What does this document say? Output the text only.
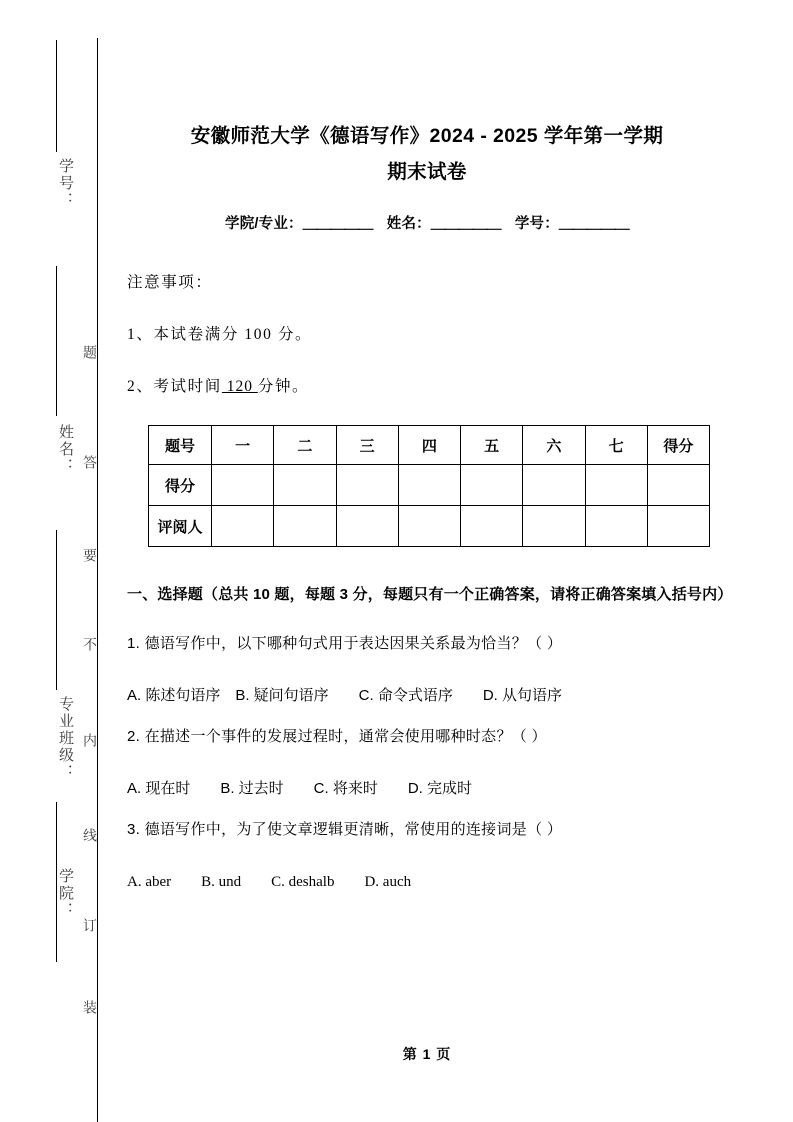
学号：
姓名：
专业班级：
学院：
题
答
要
不
内
线
订
装
安徽师范大学《德语写作》2024 - 2025 学年第一学期
期末试卷
学院/专业：＿＿＿＿＿ 姓名：＿＿＿＿＿ 学号：＿＿＿＿＿

注意事项：

1、本试卷满分 100 分。

2、考试时间 120 分钟。

题号	一	二	三	四	五	六	七	得分
得分								
评阅人								

一、选择题（总共 10 题，每题 3 分，每题只有一个正确答案，请将正确答案填入括号内）

1. 德语写作中，以下哪种句式用于表达因果关系最为恰当？（ ）

A. 陈述句语序　B. 疑问句语序　　C. 命令式语序　　D. 从句语序

2. 在描述一个事件的发展过程时，通常会使用哪种时态？（ ）

A. 现在时　　B. 过去时　　C. 将来时　　D. 完成时

3. 德语写作中，为了使文章逻辑更清晰，常使用的连接词是（ ）

A. aber　　B. und　　C. deshalb　　D. auch

第 1 页
